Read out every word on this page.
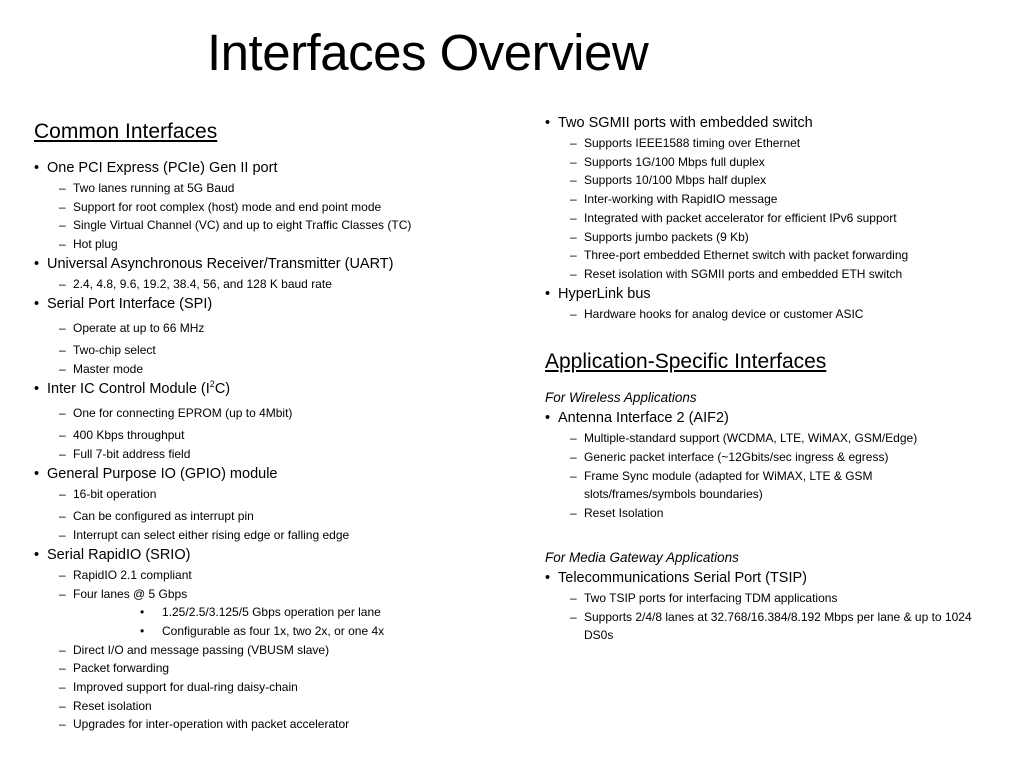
Interfaces Overview
Common Interfaces
• One PCI Express (PCIe) Gen II port
– Two lanes running at 5G Baud
– Support for root complex (host) mode and end point mode
– Single Virtual Channel (VC) and up to eight Traffic Classes (TC)
– Hot plug
• Universal Asynchronous Receiver/Transmitter (UART)
– 2.4, 4.8, 9.6, 19.2, 38.4, 56, and 128 K baud rate
• Serial Port Interface (SPI)
– Operate at up to 66 MHz
– Two-chip select
– Master mode
• Inter IC Control Module $(I^2C)$
– One for connecting EPROM (up to 4Mbit)
– 400 Kbps throughput
– Full 7-bit address field
• General Purpose IO (GPIO) module
– 16-bit operation
– Can be configured as interrupt pin
– Interrupt can select either rising edge or falling edge
• Serial RapidIO (SRIO)
– RapidIO 2.1 compliant
– Four lanes @ 5 Gbps
• 1.25/2.5/3.125/5 Gbps operation per lane
• Configurable as four 1x, two 2x, or one 4x
– Direct I/O and message passing (VBUSM slave)
– Packet forwarding
– Improved support for dual-ring daisy-chain
– Reset isolation
– Upgrades for inter-operation with packet accelerator
• Two SGMII ports with embedded switch
– Supports IEEE1588 timing over Ethernet
– Supports 1G/100 Mbps full duplex
– Supports 10/100 Mbps half duplex
– Inter-working with RapidIO message
– Integrated with packet accelerator for efficient IPv6 support
– Supports jumbo packets (9 Kb)
– Three-port embedded Ethernet switch with packet forwarding
– Reset isolation with SGMII ports and embedded ETH switch
• HyperLink bus
– Hardware hooks for analog device or customer ASIC
Application-Specific Interfaces
For Wireless Applications
• Antenna Interface 2 (AIF2)
– Multiple-standard support (WCDMA, LTE, WiMAX, GSM/Edge)
– Generic packet interface (~12Gbits/sec ingress & egress)
– Frame Sync module (adapted for WiMAX, LTE & GSM slots/frames/symbols boundaries)
– Reset Isolation
For Media Gateway Applications
• Telecommunications Serial Port (TSIP)
– Two TSIP ports for interfacing TDM applications
– Supports 2/4/8 lanes at 32.768/16.384/8.192 Mbps per lane & up to 1024 DS0s
